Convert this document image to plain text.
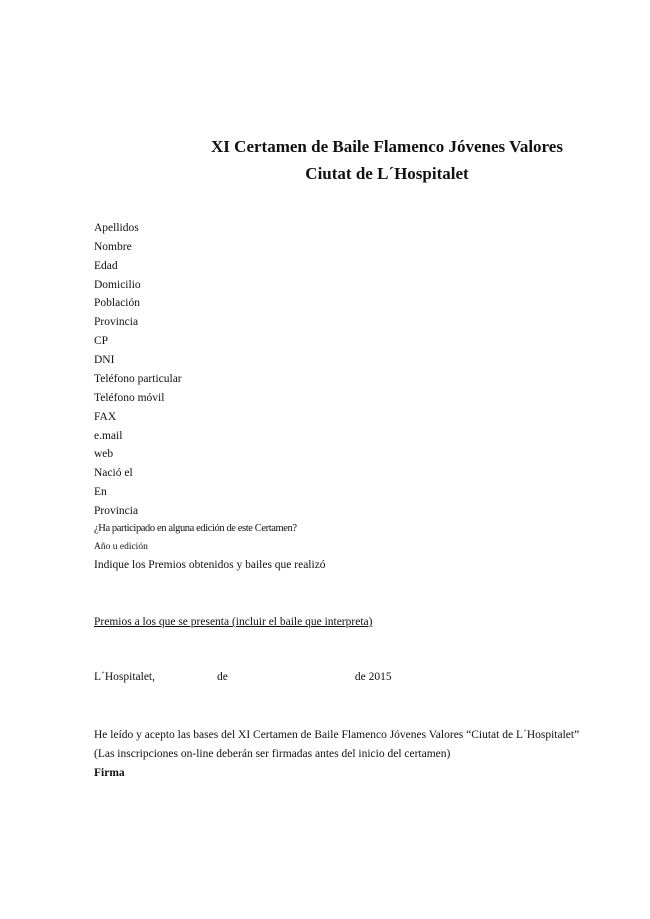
XI Certamen de Baile Flamenco Jóvenes Valores
Ciutat de L´Hospitalet
Apellidos
Nombre
Edad
Domicilio
Población
Provincia
CP
DNI
Teléfono particular
Teléfono móvil
FAX
e.mail
web
Nació el
En
Provincia
¿Ha participado en alguna edición de este Certamen?
Año u edición
Indique los Premios obtenidos y bailes que realizó
Premios a los que se presenta (incluir el baile que interpreta)
L´Hospitalet,	de	de 2015
He leído y acepto las bases del XI Certamen de Baile Flamenco Jóvenes Valores “Ciutat de L´Hospitalet”
(Las inscripciones on-line deberán ser firmadas antes del inicio del certamen)
Firma
